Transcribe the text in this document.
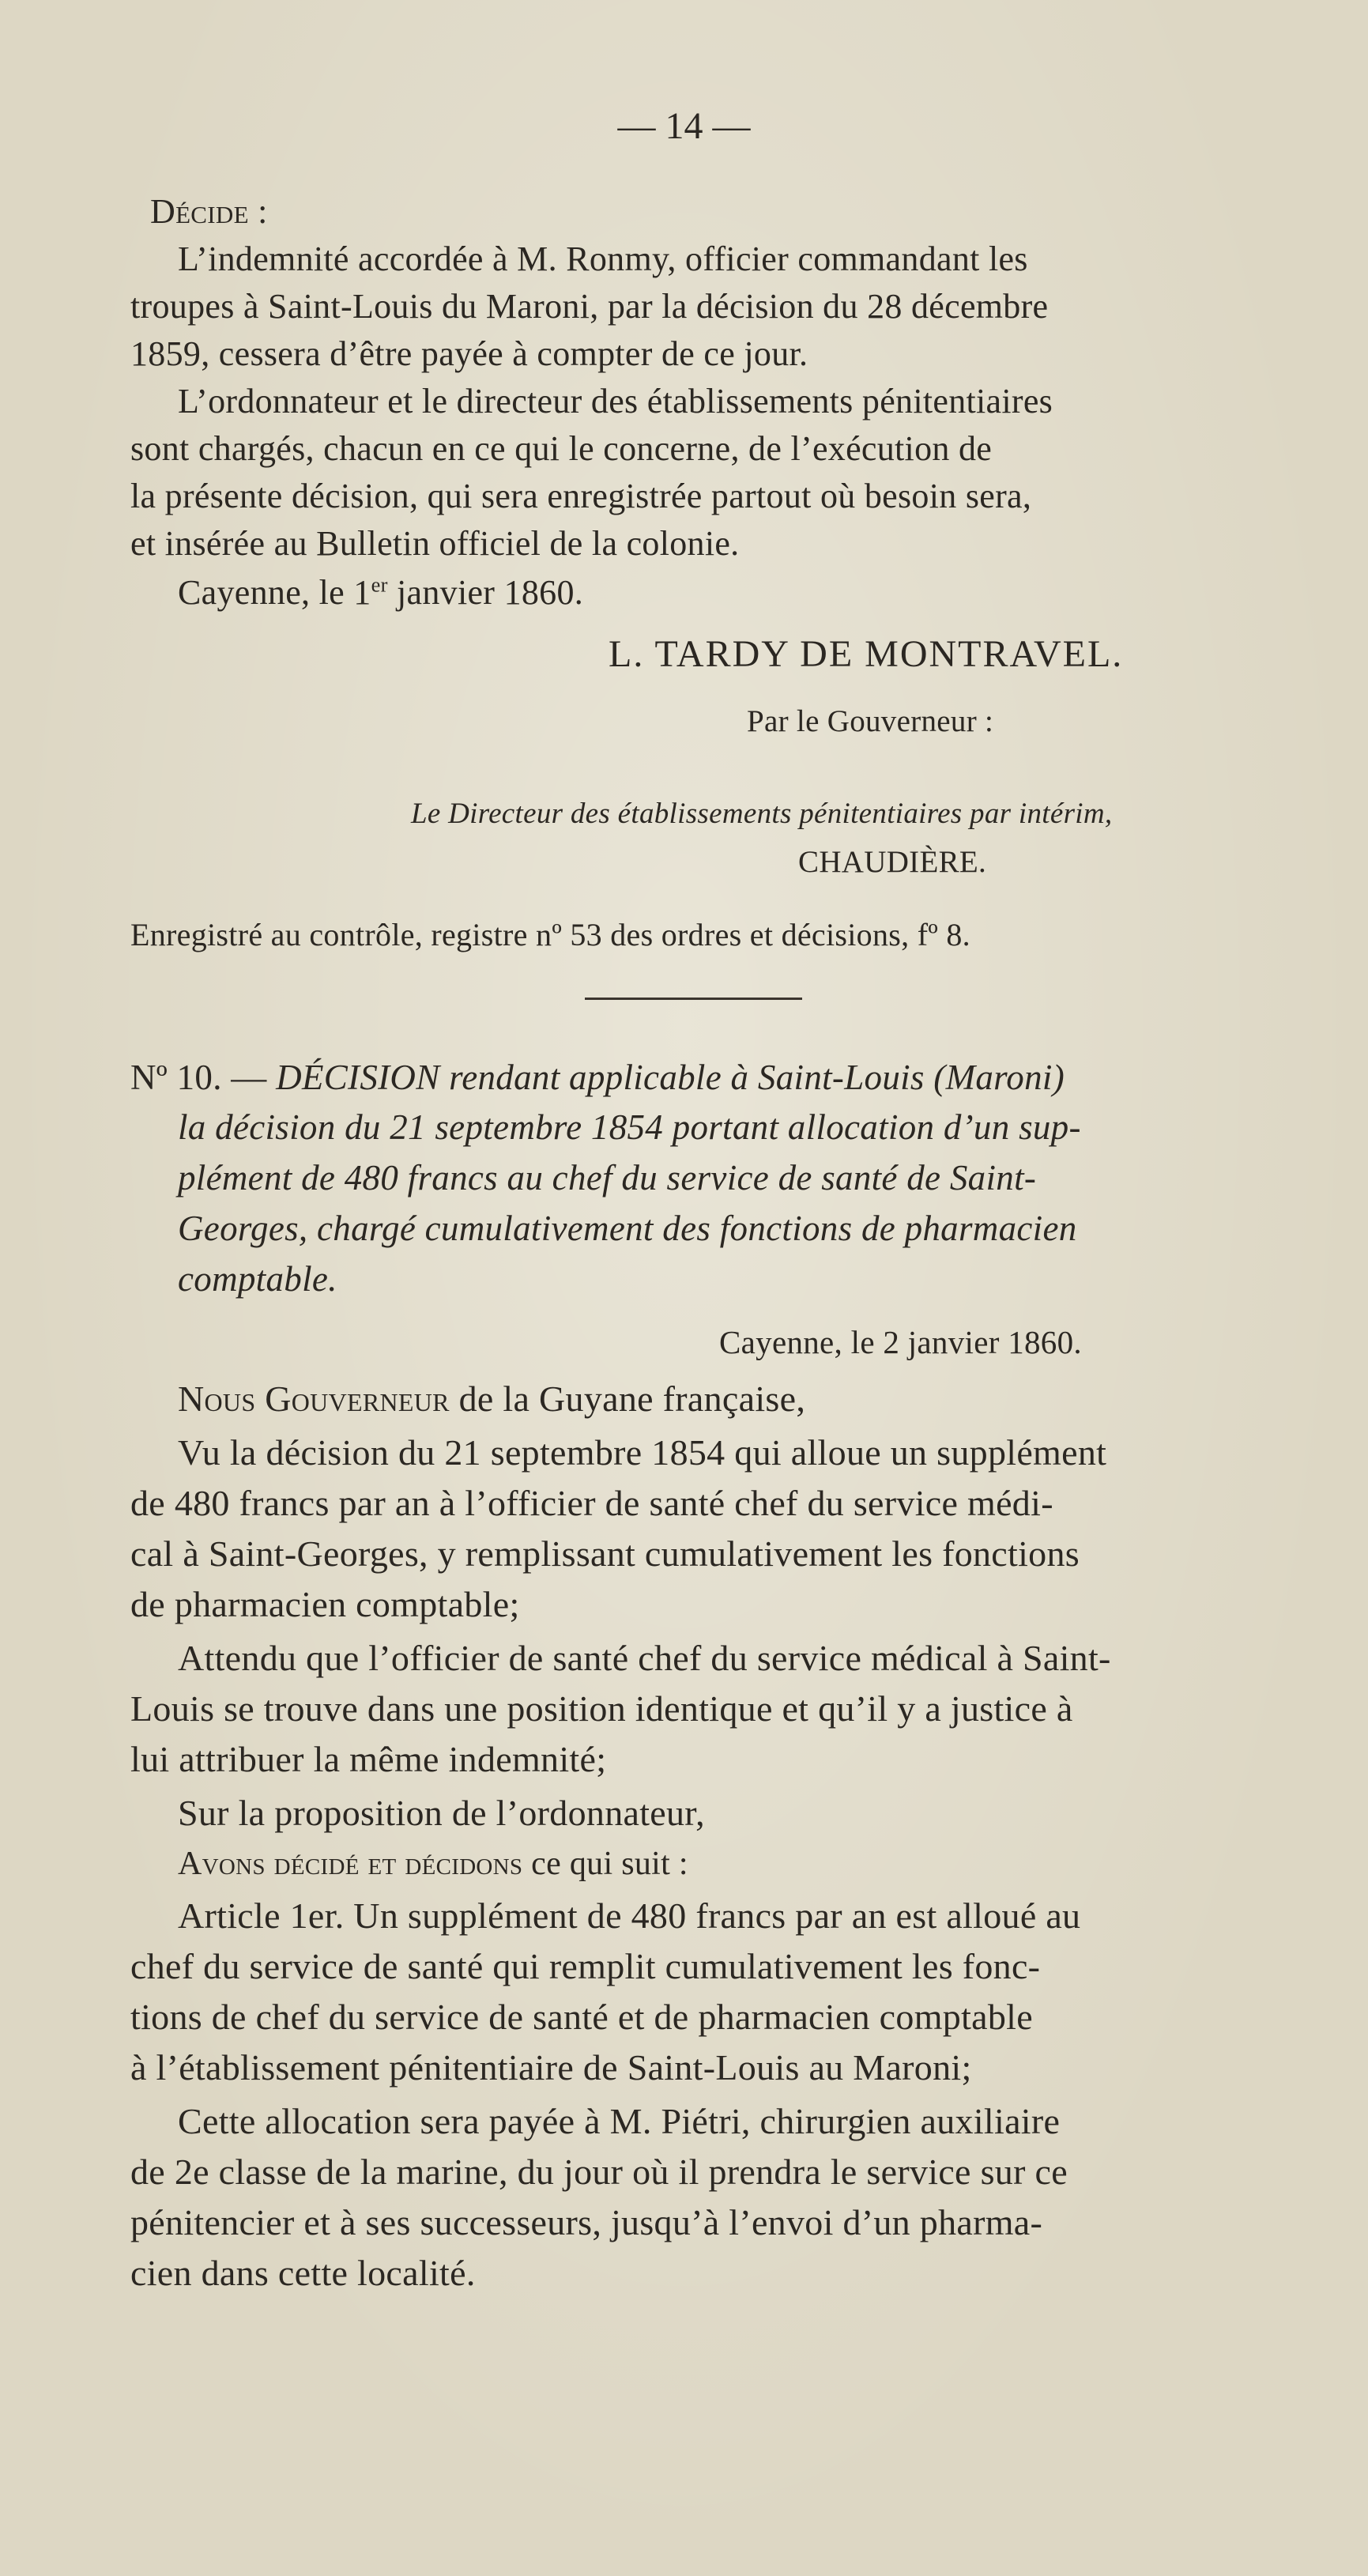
— 14 —
Décide :
L’indemnité accordée à M. Ronmy, officier commandant les
troupes à Saint-Louis du Maroni, par la décision du 28 décembre
1859, cessera d’être payée à compter de ce jour.
L’ordonnateur et le directeur des établissements pénitentiaires
sont chargés, chacun en ce qui le concerne, de l’exécution de
la présente décision, qui sera enregistrée partout où besoin sera,
et insérée au Bulletin officiel de la colonie.
Cayenne, le 1er janvier 1860.
L. TARDY DE MONTRAVEL.
Par le Gouverneur :
Le Directeur des établissements pénitentiaires par intérim,
CHAUDIÈRE.
Enregistré au contrôle, registre nº 53 des ordres et décisions, fº 8.
Nº 10. — DÉCISION rendant applicable à Saint-Louis (Maroni)
la décision du 21 septembre 1854 portant allocation d’un sup-
plément de 480 francs au chef du service de santé de Saint-
Georges, chargé cumulativement des fonctions de pharmacien
comptable.
Cayenne, le 2 janvier 1860.
Nous Gouverneur de la Guyane française,
Vu la décision du 21 septembre 1854 qui alloue un supplément
de 480 francs par an à l’officier de santé chef du service médi-
cal à Saint-Georges, y remplissant cumulativement les fonctions
de pharmacien comptable;
Attendu que l’officier de santé chef du service médical à Saint-
Louis se trouve dans une position identique et qu’il y a justice à
lui attribuer la même indemnité;
Sur la proposition de l’ordonnateur,
Avons décidé et décidons ce qui suit :
Article 1er. Un supplément de 480 francs par an est alloué au
chef du service de santé qui remplit cumulativement les fonc-
tions de chef du service de santé et de pharmacien comptable
à l’établissement pénitentiaire de Saint-Louis au Maroni;
Cette allocation sera payée à M. Piétri, chirurgien auxiliaire
de 2e classe de la marine, du jour où il prendra le service sur ce
pénitencier et à ses successeurs, jusqu’à l’envoi d’un pharma-
cien dans cette localité.
